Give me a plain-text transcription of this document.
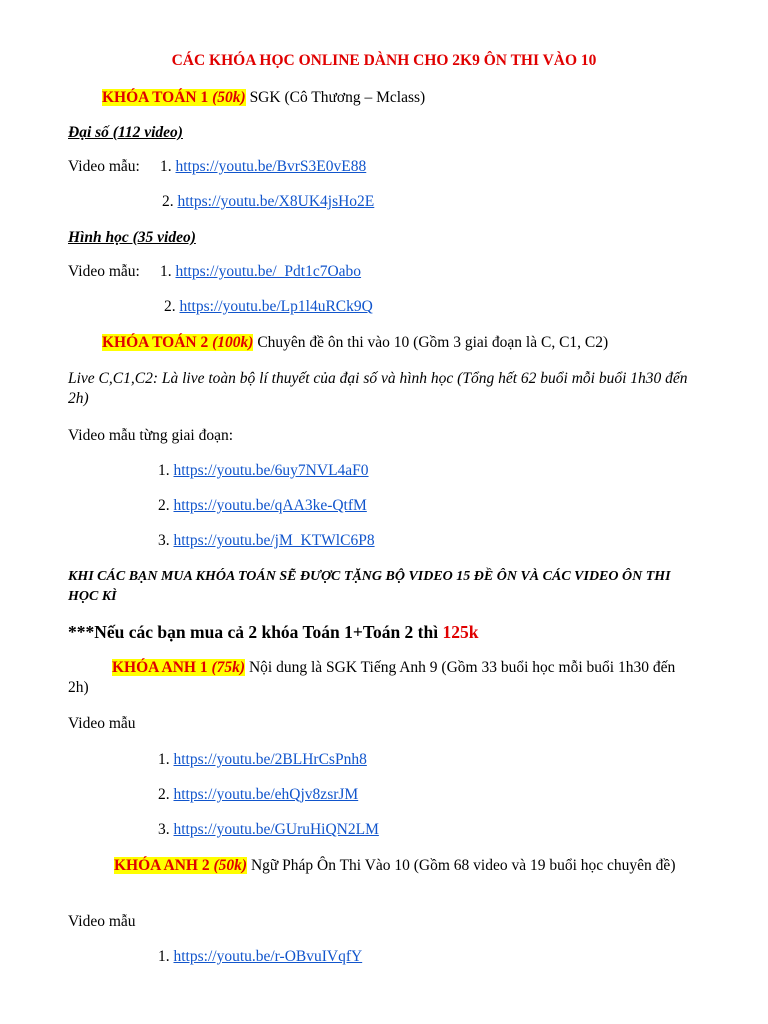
CÁC KHÓA HỌC ONLINE DÀNH CHO 2K9 ÔN THI VÀO 10
KHÓA TOÁN 1 (50k) SGK (Cô Thương – Mclass)
Đại số (112 video)
Video mẫu: 1. https://youtu.be/BvrS3E0vE88
2. https://youtu.be/X8UK4jsHo2E
Hình học (35 video)
Video mẫu: 1. https://youtu.be/_Pdt1c7Oabo
2. https://youtu.be/Lp1l4uRCk9Q
KHÓA TOÁN 2 (100k) Chuyên đề ôn thi vào 10 (Gồm 3 giai đoạn là C, C1, C2)
Live C,C1,C2: Là live toàn bộ lí thuyết của đại số và hình học (Tổng hết 62 buổi mỗi buổi 1h30 đến 2h)
Video mẫu từng giai đoạn:
1. https://youtu.be/6uy7NVL4aF0
2. https://youtu.be/qAA3ke-QtfM
3. https://youtu.be/jM_KTWlC6P8
KHI CÁC BẠN MUA KHÓA TOÁN SẼ ĐƯỢC TẶNG BỘ VIDEO 15 ĐỀ ÔN VÀ CÁC VIDEO ÔN THI HỌC KÌ
***Nếu các bạn mua cả 2 khóa Toán 1+Toán 2 thì 125k
KHÓA ANH 1 (75k) Nội dung là SGK Tiếng Anh 9 (Gồm 33 buổi học mỗi buổi 1h30 đến 2h)
Video mẫu
1. https://youtu.be/2BLHrCsPnh8
2. https://youtu.be/ehQjv8zsrJM
3. https://youtu.be/GUruHiQN2LM
KHÓA ANH 2 (50k) Ngữ Pháp Ôn Thi Vào 10 (Gồm 68 video và 19 buổi học chuyên đề)
Video mẫu
1. https://youtu.be/r-OBvuIVqfY
